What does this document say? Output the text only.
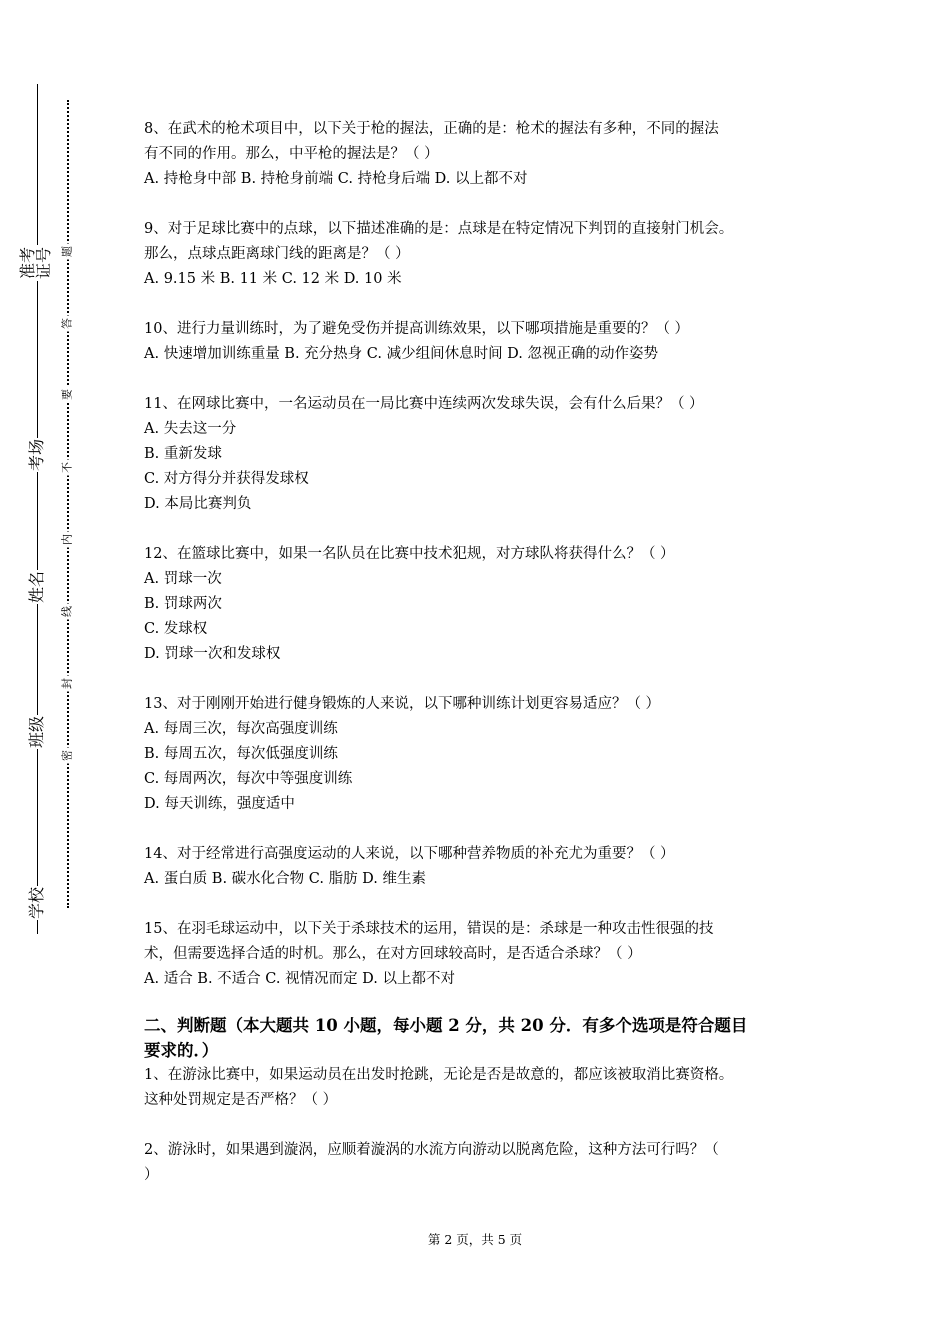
准考证号
考场
姓名
班级
学校
题
答
要
不
内
线
封
密
8、在武术的枪术项目中，以下关于枪的握法，正确的是：枪术的握法有多种，不同的握法
有不同的作用。那么，中平枪的握法是？（ ）
A. 持枪身中部 B. 持枪身前端 C. 持枪身后端 D. 以上都不对
9、对于足球比赛中的点球，以下描述准确的是：点球是在特定情况下判罚的直接射门机会。
那么，点球点距离球门线的距离是？（ ）
A. 9.15 米 B. 11 米 C. 12 米 D. 10 米
10、进行力量训练时，为了避免受伤并提高训练效果，以下哪项措施是重要的？（ ）
A. 快速增加训练重量 B. 充分热身 C. 减少组间休息时间 D. 忽视正确的动作姿势
11、在网球比赛中，一名运动员在一局比赛中连续两次发球失误，会有什么后果？（ ）
A. 失去这一分
B. 重新发球
C. 对方得分并获得发球权
D. 本局比赛判负
12、在篮球比赛中，如果一名队员在比赛中技术犯规，对方球队将获得什么？（ ）
A. 罚球一次
B. 罚球两次
C. 发球权
D. 罚球一次和发球权
13、对于刚刚开始进行健身锻炼的人来说，以下哪种训练计划更容易适应？（ ）
A. 每周三次，每次高强度训练
B. 每周五次，每次低强度训练
C. 每周两次，每次中等强度训练
D. 每天训练，强度适中
14、对于经常进行高强度运动的人来说，以下哪种营养物质的补充尤为重要？（ ）
A. 蛋白质 B. 碳水化合物 C. 脂肪 D. 维生素
15、在羽毛球运动中，以下关于杀球技术的运用，错误的是：杀球是一种攻击性很强的技
术，但需要选择合适的时机。那么，在对方回球较高时，是否适合杀球？（ ）
A. 适合 B. 不适合 C. 视情况而定 D. 以上都不对
二、判断题（本大题共 10 小题，每小题 2 分，共 20 分．有多个选项是符合题目
要求的．）
1、在游泳比赛中，如果运动员在出发时抢跳，无论是否是故意的，都应该被取消比赛资格。
这种处罚规定是否严格？（ ）
2、游泳时，如果遇到漩涡，应顺着漩涡的水流方向游动以脱离危险，这种方法可行吗？（
）
第 2 页，共 5 页
